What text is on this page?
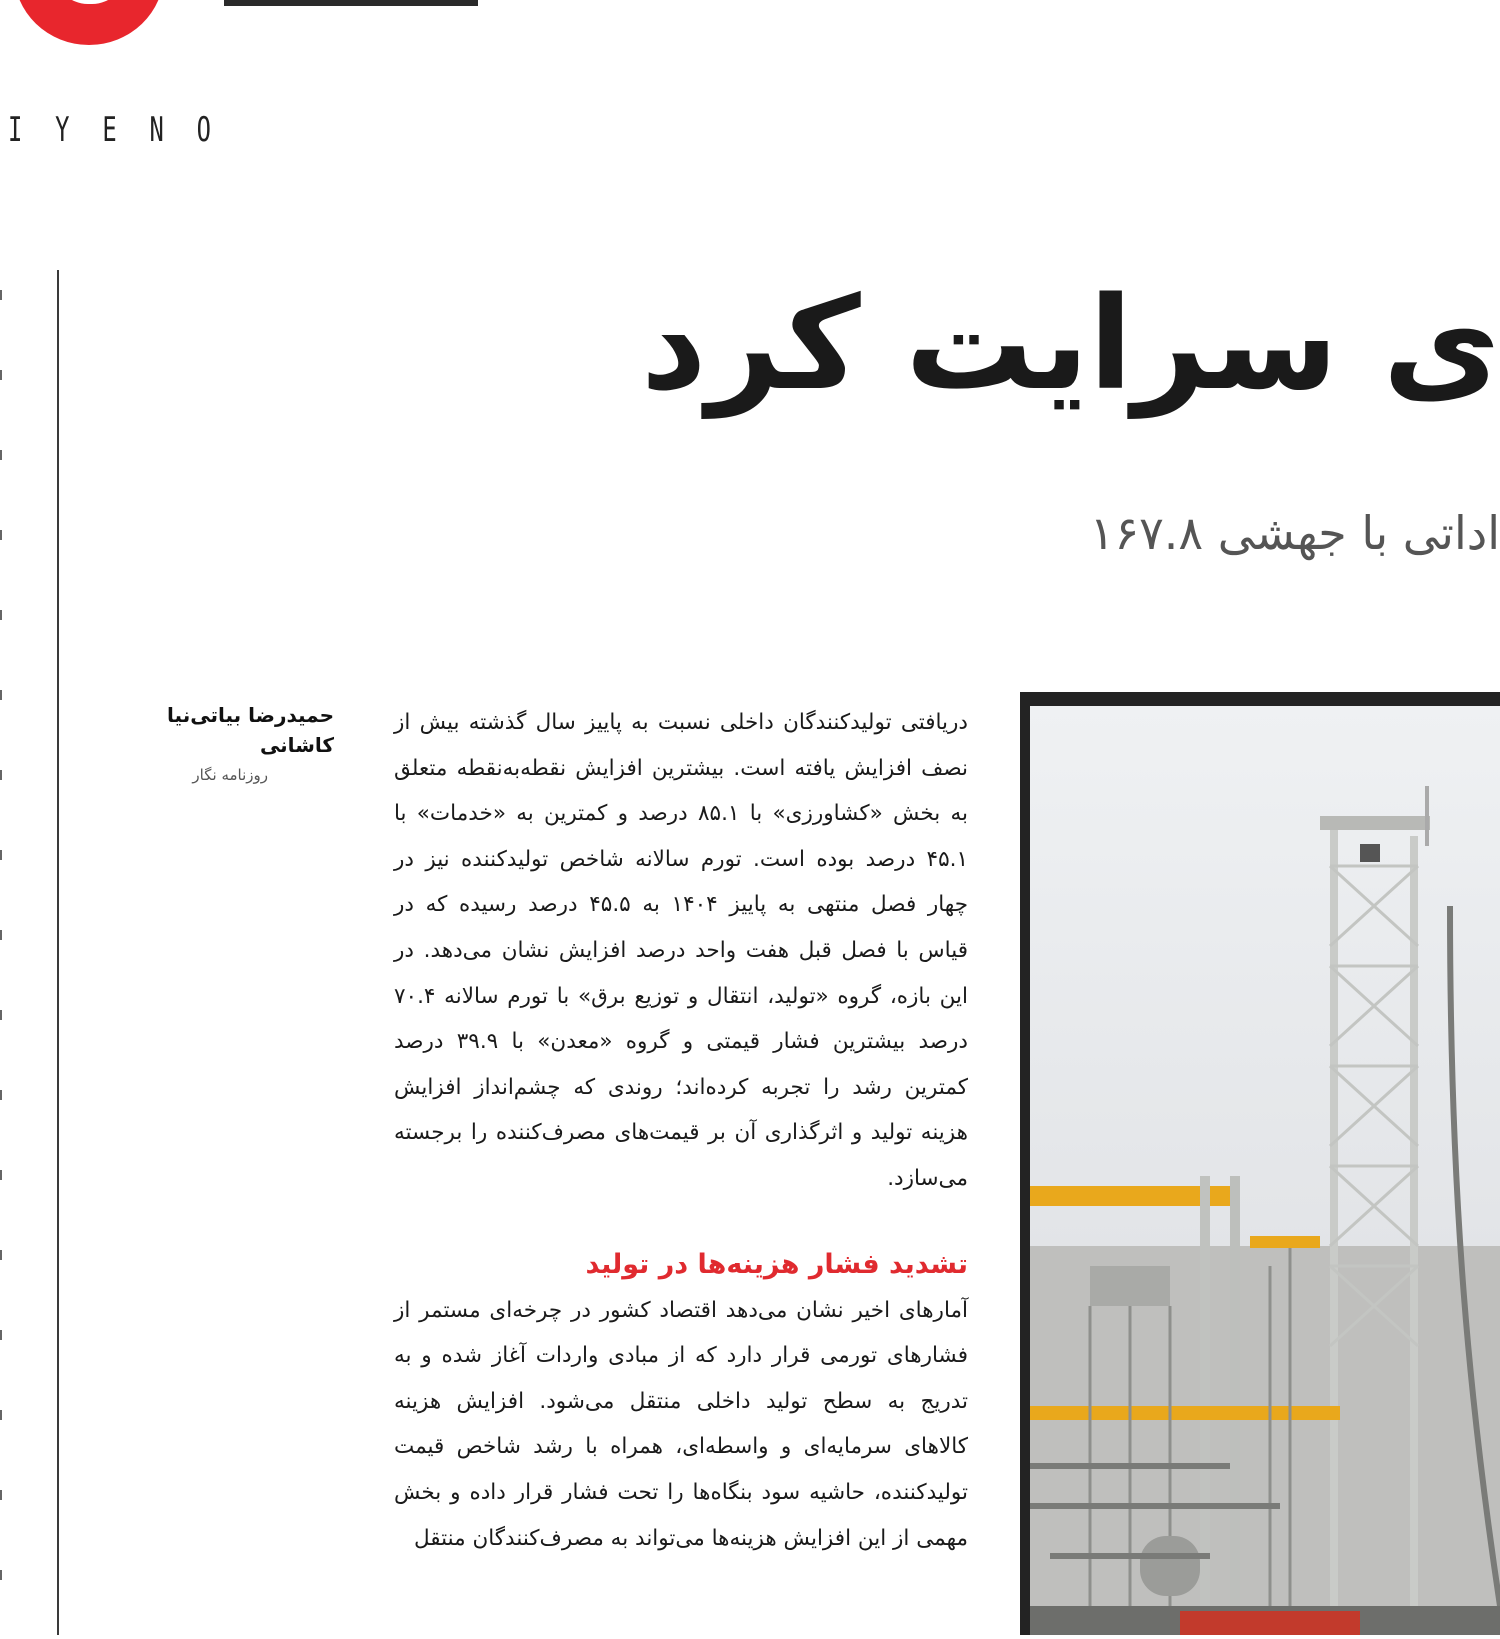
I Y E N O
ی سرایت کرد
اداتی با جهشی ۱۶۷.۸
حمیدرضا بیاتی‌نیا کاشانی
روزنامه نگار

دریافتی تولیدکنندگان داخلی نسبت به پاییز سال گذشته بیش از نصف افزایش یافته است. بیشترین افزایش نقطه‌به‌نقطه متعلق به بخش «کشاورزی» با ۸۵.۱ درصد و کمترین به «خدمات» با ۴۵.۱ درصد بوده است. تورم سالانه شاخص تولیدکننده نیز در چهار فصل منتهی به پاییز ۱۴۰۴ به ۴۵.۵ درصد رسیده که در قیاس با فصل قبل هفت واحد درصد افزایش نشان می‌دهد. در این بازه، گروه «تولید، انتقال و توزیع برق» با تورم سالانه ۷۰.۴ درصد بیشترین فشار قیمتی و گروه «معدن» با ۳۹.۹ درصد کمترین رشد را تجربه کرده‌اند؛ روندی که چشم‌انداز افزایش هزینه تولید و اثرگذاری آن بر قیمت‌های مصرف‌کننده را برجسته می‌سازد.

تشدید فشار هزینه‌ها در تولید

آمارهای اخیر نشان می‌دهد اقتصاد کشور در چرخه‌ای مستمر از فشارهای تورمی قرار دارد که از مبادی واردات آغاز شده و به تدریج به سطح تولید داخلی منتقل می‌شود. افزایش هزینه کالاهای سرمایه‌ای و واسطه‌ای، همراه با رشد شاخص قیمت تولیدکننده، حاشیه سود بنگاه‌ها را تحت فشار قرار داده و بخش مهمی از این افزایش هزینه‌ها می‌تواند به مصرف‌کنندگان منتقل
